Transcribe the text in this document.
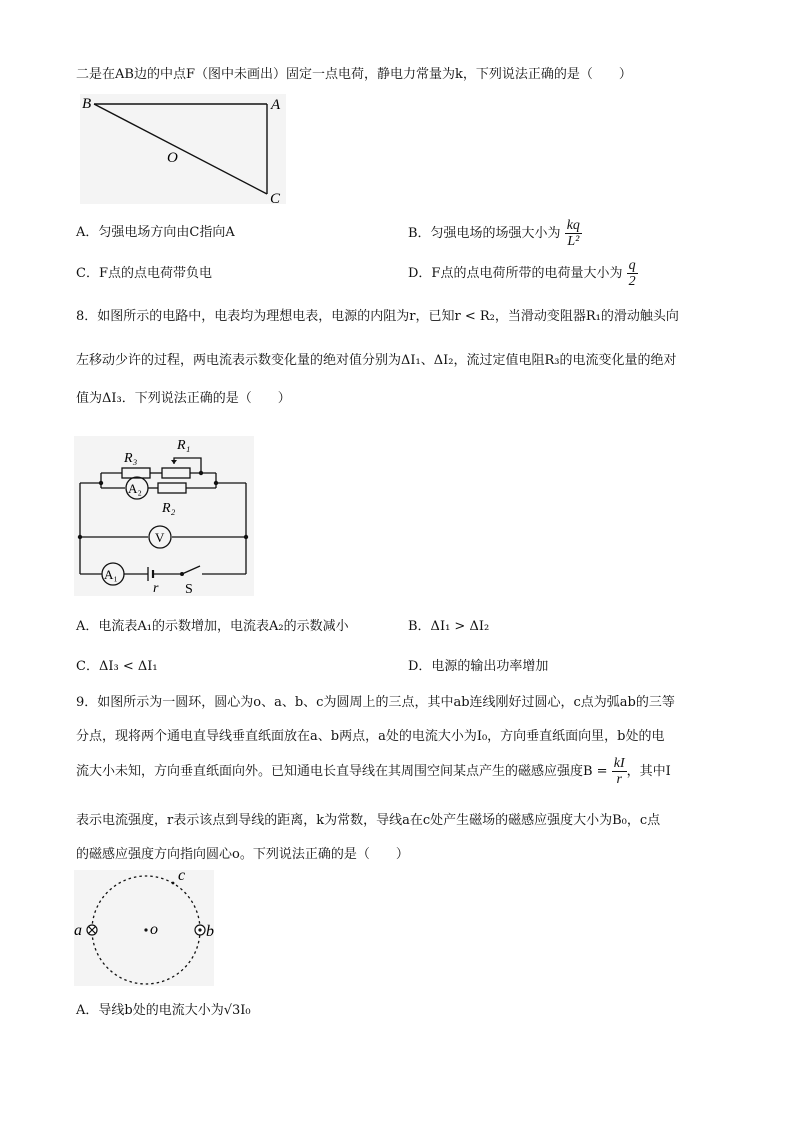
二是在AB边的中点F（图中未画出）固定一点电荷，静电力常量为k，下列说法正确的是（　　）
B	A
O
C
A．匀强电场方向由C指向A	B．匀强电场的场强大小为 $\frac{kq}{\text{L²}}$
C．F点的点电荷带负电	D．F点的点电荷所带的电荷量大小为 $\frac{q}{2}$
8．如图所示的电路中，电表均为理想电表，电源的内阻为r，已知r < R₂，当滑动变阻器R₁的滑动触头向
左移动少许的过程，两电流表示数变化量的绝对值分别为ΔI₁、ΔI₂，流过定值电阻R₃的电流变化量的绝对
值为ΔI₃．下列说法正确的是（　　）
R₃
R₁
A₂
R₂
V
A₁
r S
A．电流表A₁的示数增加，电流表A₂的示数减小	B．ΔI₁ > ΔI₂
C．ΔI₃ < ΔI₁	D．电源的输出功率增加
9．如图所示为一圆环，圆心为o、a、b、c为圆周上的三点，其中ab连线刚好过圆心，c点为弧ab的三等
分点，现将两个通电直导线垂直纸面放在a、b两点，a处的电流大小为I₀，方向垂直纸面向里，b处的电
流大小未知，方向垂直纸面向外。已知通电长直导线在其周围空间某点产生的磁感应强度$B = \frac{kI}{r}$ ，其中I
表示电流强度，r表示该点到导线的距离，k为常数，导线a在c处产生磁场的磁感应强度大小为B₀，c点
的磁感应强度方向指向圆心o。下列说法正确的是（　　）
a	o	b
c
A．导线b处的电流大小为√3I₀
